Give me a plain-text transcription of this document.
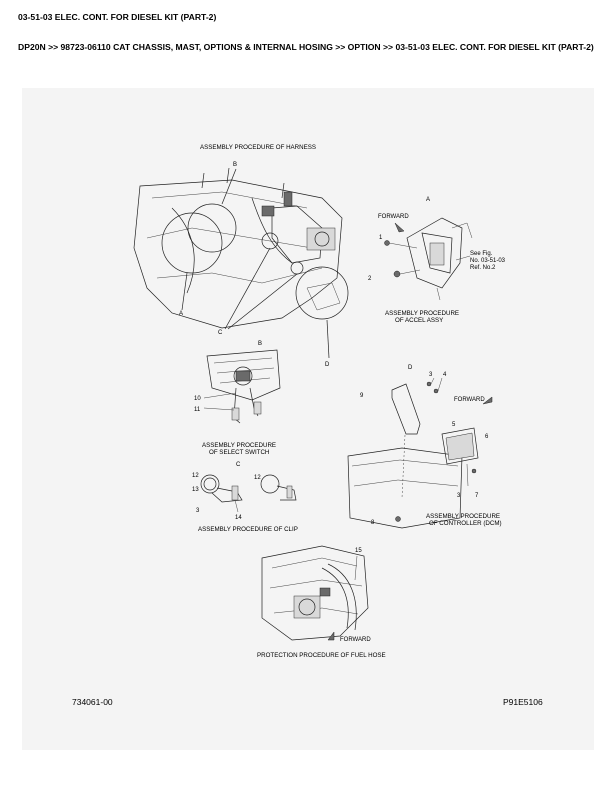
03-51-03 ELEC. CONT. FOR DIESEL KIT (PART-2)

DP20N >> 98723-06110 CAT CHASSIS, MAST, OPTIONS & INTERNAL HOSING >> OPTION >> 03-51-03 ELEC. CONT. FOR DIESEL KIT (PART-2)

ASSEMBLY PROCEDURE OF HARNESS
B
A
C
D
A
FORWARD
1
2
See Fig.
No. 03-51-03
Ref. No.2
ASSEMBLY PROCEDURE
OF ACCEL ASSY
B
10
11
ASSEMBLY PROCEDURE
OF SELECT SWITCH
C
12
13
3
14
12
ASSEMBLY PROCEDURE OF CLIP
D
FORWARD
9
3 4
5
6
3 7
8
ASSEMBLY PROCEDURE
OF CONTROLLER (DCM)
15
FORWARD
PROTECTION PROCEDURE OF FUEL HOSE
734061-00	P91E5106
